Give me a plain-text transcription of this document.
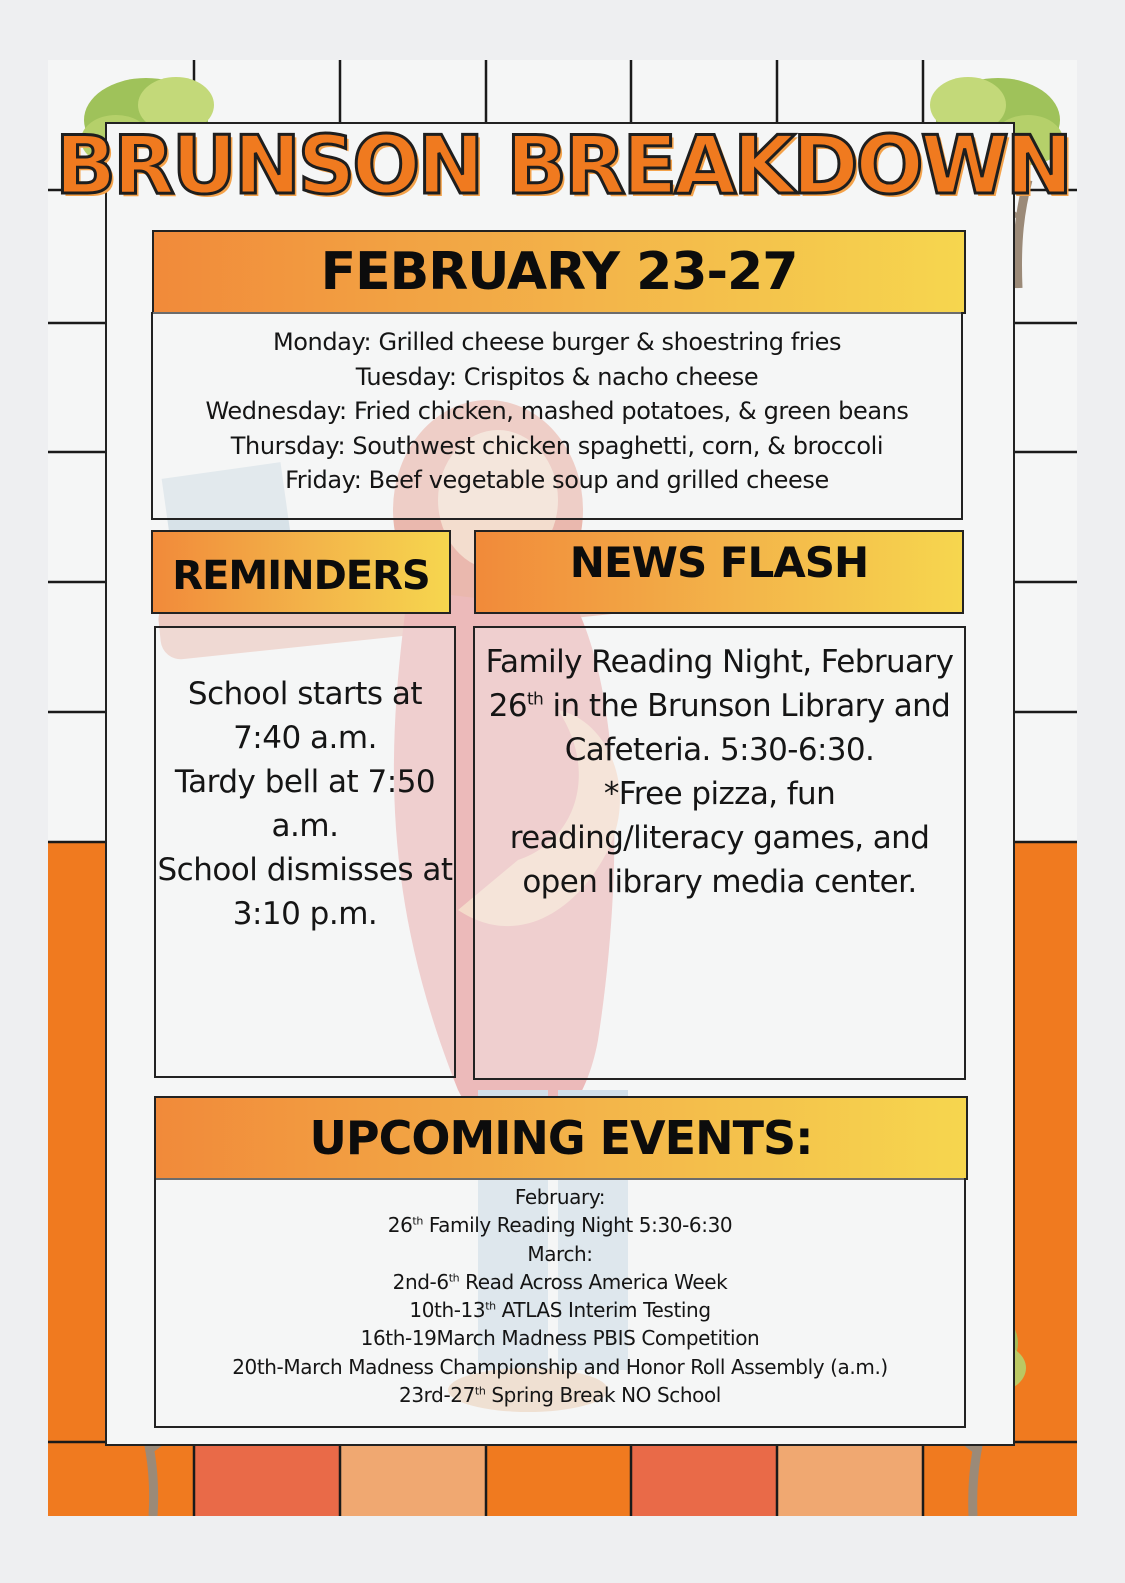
BRUNSON BREAKDOWN
FEBRUARY 23-27
Monday: Grilled cheese burger & shoestring fries
Tuesday: Crispitos & nacho cheese
Wednesday: Fried chicken, mashed potatoes, & green beans
Thursday: Southwest chicken spaghetti, corn, & broccoli
Friday: Beef vegetable soup and grilled cheese
REMINDERS	NEWS FLASH
School starts at
7:40 a.m.
Tardy bell at 7:50
a.m.
School dismisses at
3:10 p.m.
Family Reading Night, February
26th in the Brunson Library and
Cafeteria. 5:30-6:30.
*Free pizza, fun
reading/literacy games, and
open library media center.
UPCOMING EVENTS:
February:
26th Family Reading Night 5:30-6:30
March:
2nd-6th Read Across America Week
10th-13th ATLAS Interim Testing
16th-19March Madness PBIS Competition
20th-March Madness Championship and Honor Roll Assembly (a.m.)
23rd-27th Spring Break NO School
